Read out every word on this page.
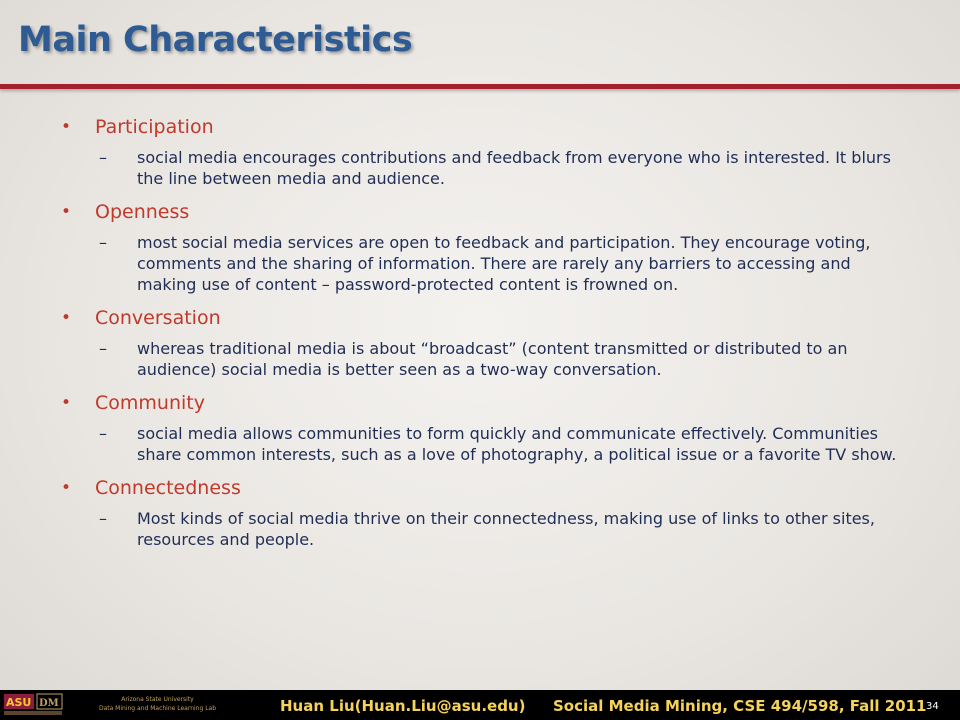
Main Characteristics
• Participation
– social media encourages contributions and feedback from everyone who is interested. It blurs the line between media and audience.
• Openness
– most social media services are open to feedback and participation. They encourage voting, comments and the sharing of information. There are rarely any barriers to accessing and making use of content – password-protected content is frowned on.
• Conversation
– whereas traditional media is about “broadcast” (content transmitted or distributed to an audience) social media is better seen as a two-way conversation.
• Community
– social media allows communities to form quickly and communicate effectively. Communities share common interests, such as a love of photography, a political issue or a favorite TV show.
• Connectedness
– Most kinds of social media thrive on their connectedness, making use of links to other sites, resources and people.
ASU DM	Arizona State University
Data Mining and Machine Learning Lab	Huan Liu(Huan.Liu@asu.edu) Social Media Mining, CSE 494/598, Fall 2011 34
